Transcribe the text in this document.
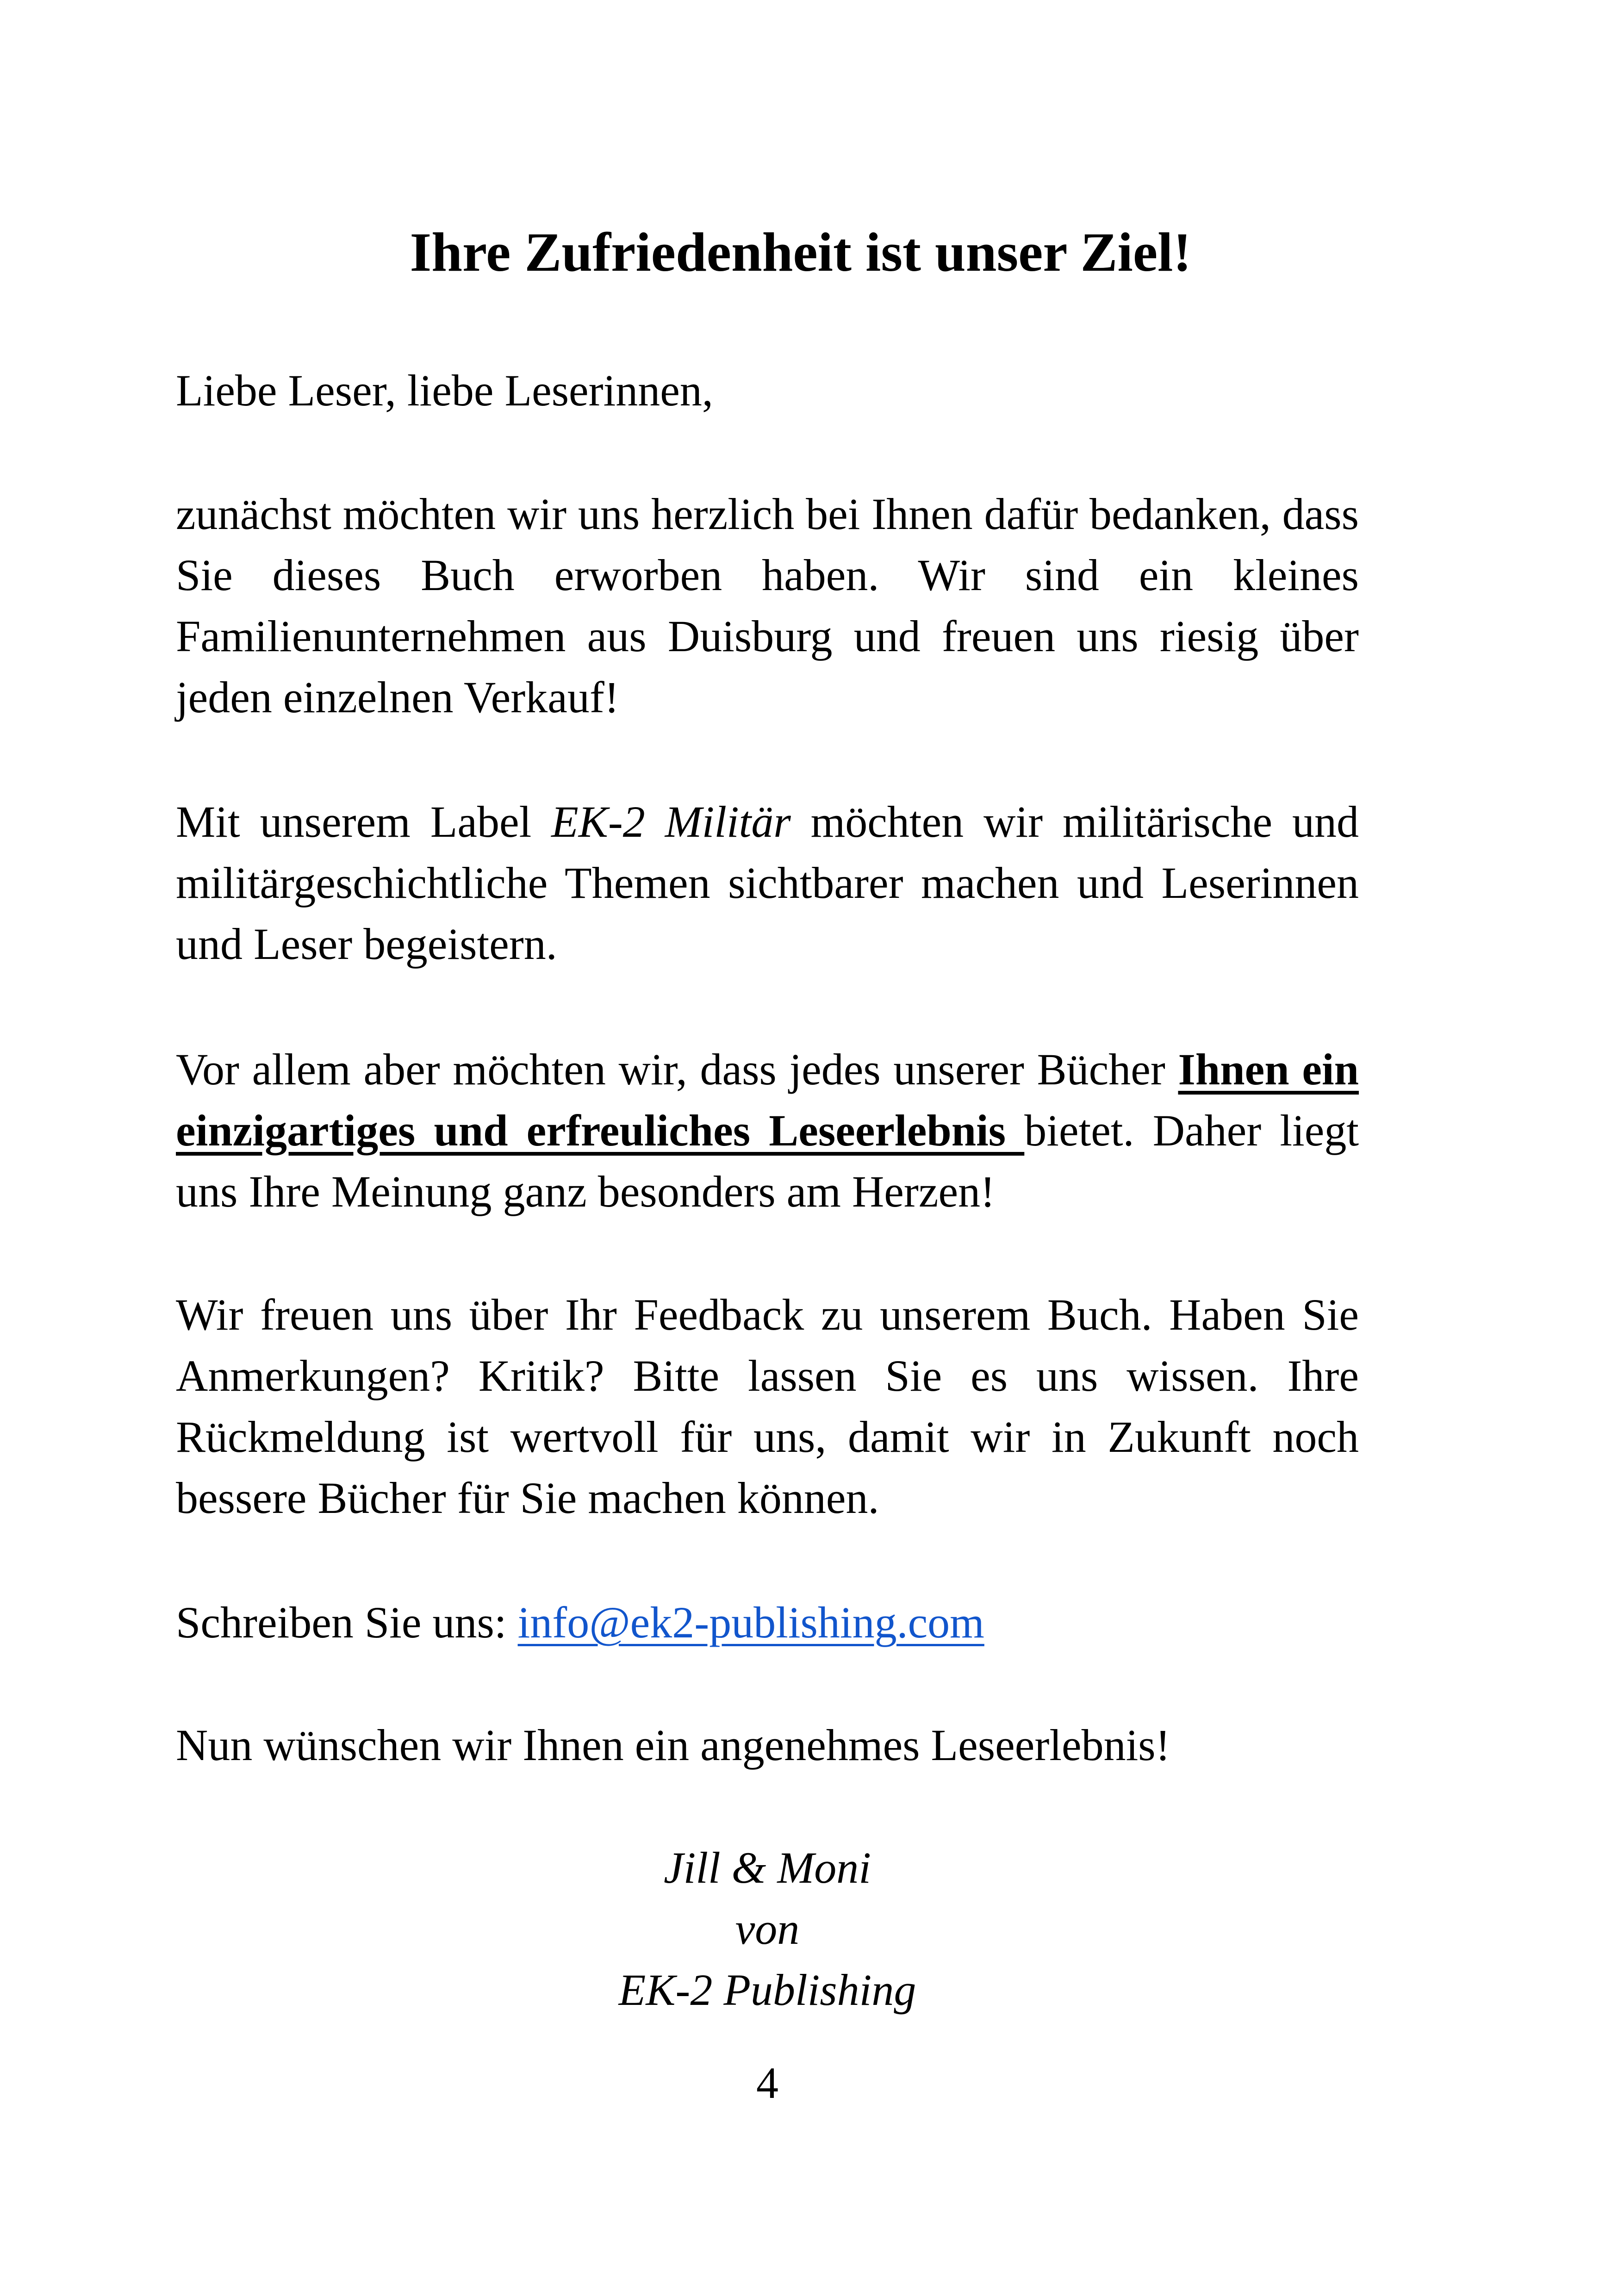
Ihre Zufriedenheit ist unser Ziel!

Liebe Leser, liebe Leserinnen,

zunächst möchten wir uns herzlich bei Ihnen dafür bedanken, dass Sie dieses Buch erworben haben. Wir sind ein kleines Familienunternehmen aus Duisburg und freuen uns riesig über jeden einzelnen Verkauf!

Mit unserem Label EK-2 Militär möchten wir militärische und militärgeschichtliche Themen sichtbarer machen und Leserinnen und Leser begeistern.

Vor allem aber möchten wir, dass jedes unserer Bücher Ihnen ein einzigartiges und erfreuliches Leseerlebnis bietet. Daher liegt uns Ihre Meinung ganz besonders am Herzen!

Wir freuen uns über Ihr Feedback zu unserem Buch. Haben Sie Anmerkungen? Kritik? Bitte lassen Sie es uns wissen. Ihre Rückmeldung ist wertvoll für uns, damit wir in Zukunft noch bessere Bücher für Sie machen können.

Schreiben Sie uns: info@ek2-publishing.com

Nun wünschen wir Ihnen ein angenehmes Leseerlebnis!

Jill & Moni
von
EK-2 Publishing
4
